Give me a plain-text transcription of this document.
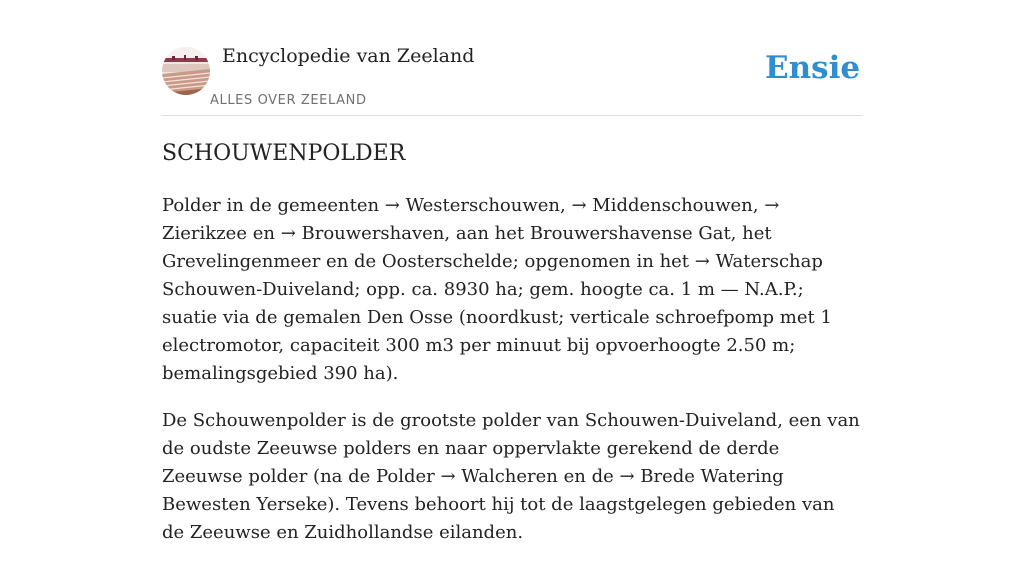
Encyclopedie van Zeeland
ALLES OVER ZEELAND
Ensie
SCHOUWENPOLDER

Polder in de gemeenten → Westerschouwen, → Middenschouwen, → Zierikzee en → Brouwershaven, aan het Brouwershavense Gat, het Grevelingenmeer en de Oosterschelde; opgenomen in het → Waterschap Schouwen-Duiveland; opp. ca. 8930 ha; gem. hoogte ca. 1 m — N.A.P.; suatie via de gemalen Den Osse (noordkust; verticale schroefpomp met 1 electromotor, capaciteit 300 m3 per minuut bij opvoerhoogte 2.50 m; bemalingsgebied 390 ha).

De Schouwenpolder is de grootste polder van Schouwen-Duiveland, een van de oudste Zeeuwse polders en naar oppervlakte gerekend de derde Zeeuwse polder (na de Polder → Walcheren en de → Brede Watering Bewesten Yerseke). Tevens behoort hij tot de laagstgelegen gebieden van de Zeeuwse en Zuidhollandse eilanden.
